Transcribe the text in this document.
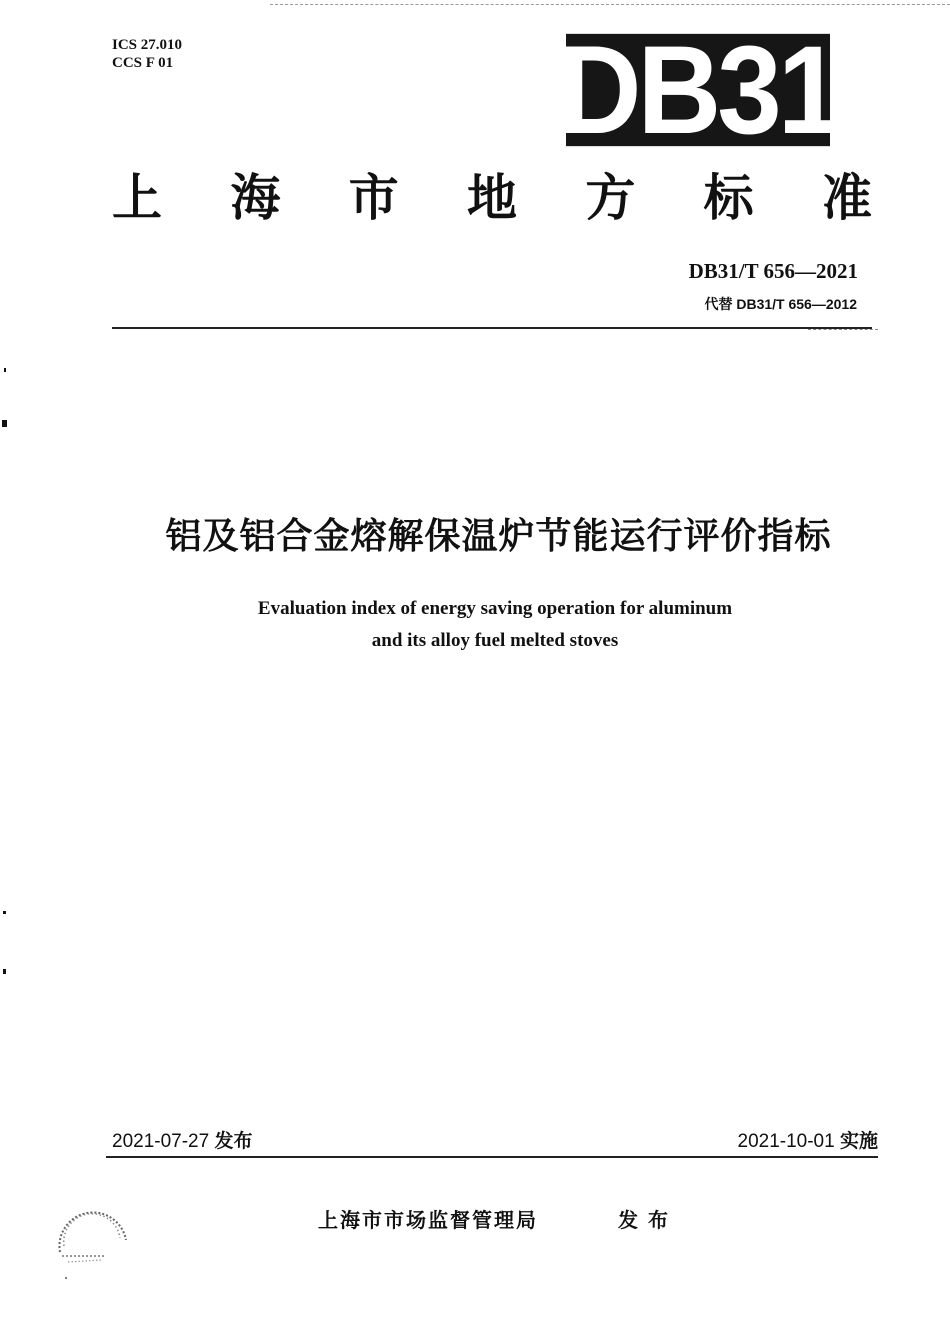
ICS 27.010
CCS F 01	DB31
上 海 市 地 方 标 准
DB31/T 656—2021
代替 DB31/T 656—2012
铝及铝合金熔解保温炉节能运行评价指标
Evaluation index of energy saving operation for aluminum
and its alloy fuel melted stoves
2021-07-27 发布	2021-10-01 实施
上海市市场监督管理局	发布
